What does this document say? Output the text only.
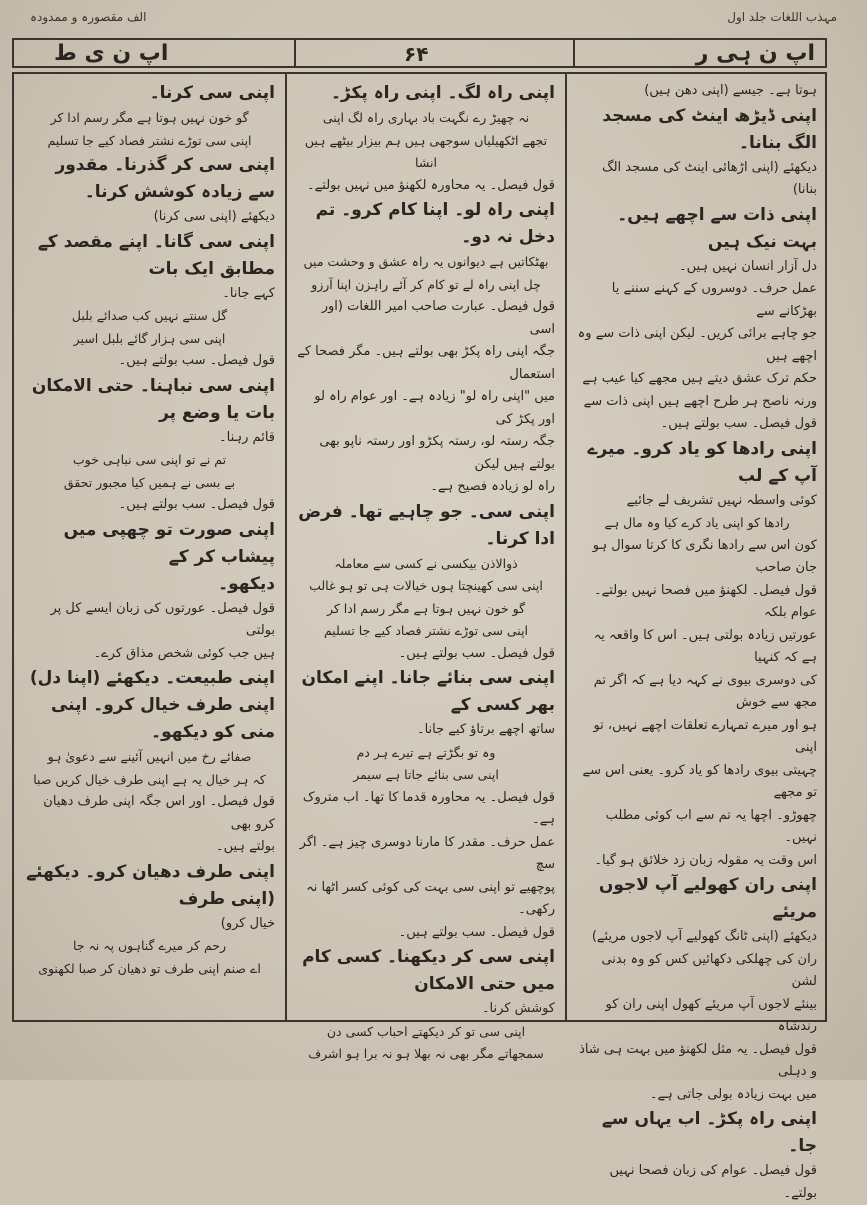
مہذب اللغات جلد اول
الف مقصورہ و ممدودہ
اپ ن ہی ر
۶۴
اپ ن ی ط

ہوتا ہے۔ جیسے (اپنی دھن ہیں)

اپنی ڈیڑھ اینٹ کی مسجد الگ بنانا۔

دیکھئے (اپنی اڑھائی اینٹ کی مسجد الگ بنانا)

اپنی ذات سے اچھے ہیں۔ بہت نیک ہیں

دل آزار انسان نہیں ہیں۔

عمل حرف۔ دوسروں کے کہنے سننے یا بھڑکانے سے

جو چاہے برائی کریں۔ لیکن اپنی ذات سے وہ اچھے ہیں

حکم ترک عشق دیتے ہیں مجھے کیا عیب ہے

ورنہ ناصح ہر طرح اچھے ہیں اپنی ذات سے

قول فیصل۔ سب بولتے ہیں۔

اپنی رادھا کو یاد کرو۔ میرے آپ کے لب

کوئی واسطہ نہیں تشریف لے جائیے

رادھا کو اپنی یاد کرے کیا وہ مال ہے

کون اس سے رادھا نگری کا کرتا سوال ہو جان صاحب

قول فیصل۔ لکھنؤ میں فصحا نہیں بولتے۔ عوام بلکہ

عورتیں زیادہ بولتی ہیں۔ اس کا واقعہ یہ ہے کہ کنہیا

کی دوسری بیوی نے کہہ دیا ہے کہ اگر تم مجھ سے خوش

ہو اور میرے تمہارے تعلقات اچھے نہیں، تو اپنی

چہیتی بیوی رادھا کو یاد کرو۔ یعنی اس سے تو مجھے

چھوڑو۔ اچھا یہ تم سے اب کوئی مطلب نہیں۔

اس وقت یہ مقولہ زبان زد خلائق ہو گیا۔

اپنی ران کھولیے آپ لاجوں مریئے

دیکھئے (اپنی ٹانگ کھولیے آپ لاجوں مریئے)

ران کی چھلکی دکھائیں کس کو وہ بدنی لشن

بینئے لاجوں آپ مریئے کھول اپنی ران کو رندشاہ

قول فیصل۔ یہ مثل لکھنؤ میں بہت ہی شاذ و دہلی

میں بہت زیادہ بولی جاتی ہے۔

اپنی راہ پکڑ۔ اب یہاں سے جا۔

قول فیصل۔ عوام کی زبان فصحا نہیں بولتے۔

اپنی راہ لگ۔ اپنی راہ پکڑ۔

نہ چھیڑ رے نگہت باد بہاری راہ لگ اپنی

تجھے اٹکھیلیاں سوجھی ہیں ہم بیزار بیٹھے ہیں انشا

قول فیصل۔ یہ محاورہ لکھنؤ میں نہیں بولتے۔

اپنی راہ لو۔ اپنا کام کرو۔ تم دخل نہ دو۔

بھٹکاتیں ہے دیوانوں یہ راہ عشق و وحشت میں

چل اپنی راہ لے تو کام کر آئے راہزن اپنا آرزو

قول فیصل۔ عبارت صاحب امیر اللغات (اور اسی

جگہ اپنی راہ پکڑ بھی بولتے ہیں۔ مگر فصحا کے استعمال

میں "اپنی راہ لو" زیادہ ہے۔ اور عوام راہ لو اور پکڑ کی

جگہ رستہ لو، رستہ پکڑو اور رستہ ناپو بھی بولتے ہیں لیکن

راہ لو زیادہ فصیح ہے۔

اپنی سی۔ جو چاہیے تھا۔ فرض ادا کرنا۔

ذوالاذن بیکسی نے کسی سے معاملہ

اپنی سی کھینچتا ہوں خیالات ہی تو ہو غالب

گو خون نہیں ہوتا ہے مگر رسم ادا کر

اپنی سی توڑے نشتر فصاد کیے جا تسلیم

قول فیصل۔ سب بولتے ہیں۔

اپنی سی بنائے جانا۔ اپنے امکان بھر کسی کے

ساتھ اچھے برتاؤ کیے جانا۔

وہ تو بگڑتے ہے تیرے ہر دم

اپنی سی بنائے جاتا ہے سیمر

قول فیصل۔ یہ محاورہ قدما کا تھا۔ اب متروک ہے۔

عمل حرف۔ مقدر کا مارنا دوسری چیز ہے۔ اگر سچ

پوچھیے تو اپنی سی بہت کی کوئی کسر اٹھا نہ رکھی۔

قول فیصل۔ سب بولتے ہیں۔

اپنی سی کر دیکھنا۔ کسی کام میں حتی الامکان

کوشش کرنا۔

اپنی سی تو کر دیکھتے احباب کسی دن

سمجھاتے مگر بھی نہ بھلا ہو نہ برا ہو اشرف

اپنی سی کرنا۔

گو خون نہیں ہوتا ہے مگر رسم ادا کر

اپنی سی توڑے نشتر فصاد کیے جا تسلیم

اپنی سی کر گذرنا۔ مقدور سے زیادہ کوشش کرنا۔

دیکھئے (اپنی سی کرنا)

اپنی سی گانا۔ اپنے مقصد کے مطابق ایک بات

کہے جانا۔

گل سنتے نہیں کب صدائے بلبل

اپنی سی ہزار گائے بلبل اسیر

قول فیصل۔ سب بولتے ہیں۔

اپنی سی نباہنا۔ حتی الامکان بات یا وضع پر

قائم رہنا۔

تم نے تو اپنی سی نباہی خوب

بے بسی نے ہمیں کیا مجبور تحقق

قول فیصل۔ سب بولتے ہیں۔

اپنی صورت تو چھپی میں پیشاب کر کے

دیکھو۔

قول فیصل۔ عورتوں کی زبان ایسے کل پر بولتی

ہیں جب کوئی شخص مذاق کرے۔

اپنی طبیعت۔ دیکھئے (اپنا دل)

اپنی طرف خیال کرو۔ اپنی منی کو دیکھو۔

صفائے رخ میں انہیں آئینے سے دعویٰ ہو

کہ ہر خیال یہ ہے اپنی طرف خیال کریں صبا

قول فیصل۔ اور اس جگہ اپنی طرف دھیان کرو بھی

بولتے ہیں۔

اپنی طرف دھیان کرو۔ دیکھئے (اپنی طرف

خیال کرو)

رحم کر میرے گناہوں پہ نہ جا

اے صنم اپنی طرف تو دھیان کر صبا لکھنوی
